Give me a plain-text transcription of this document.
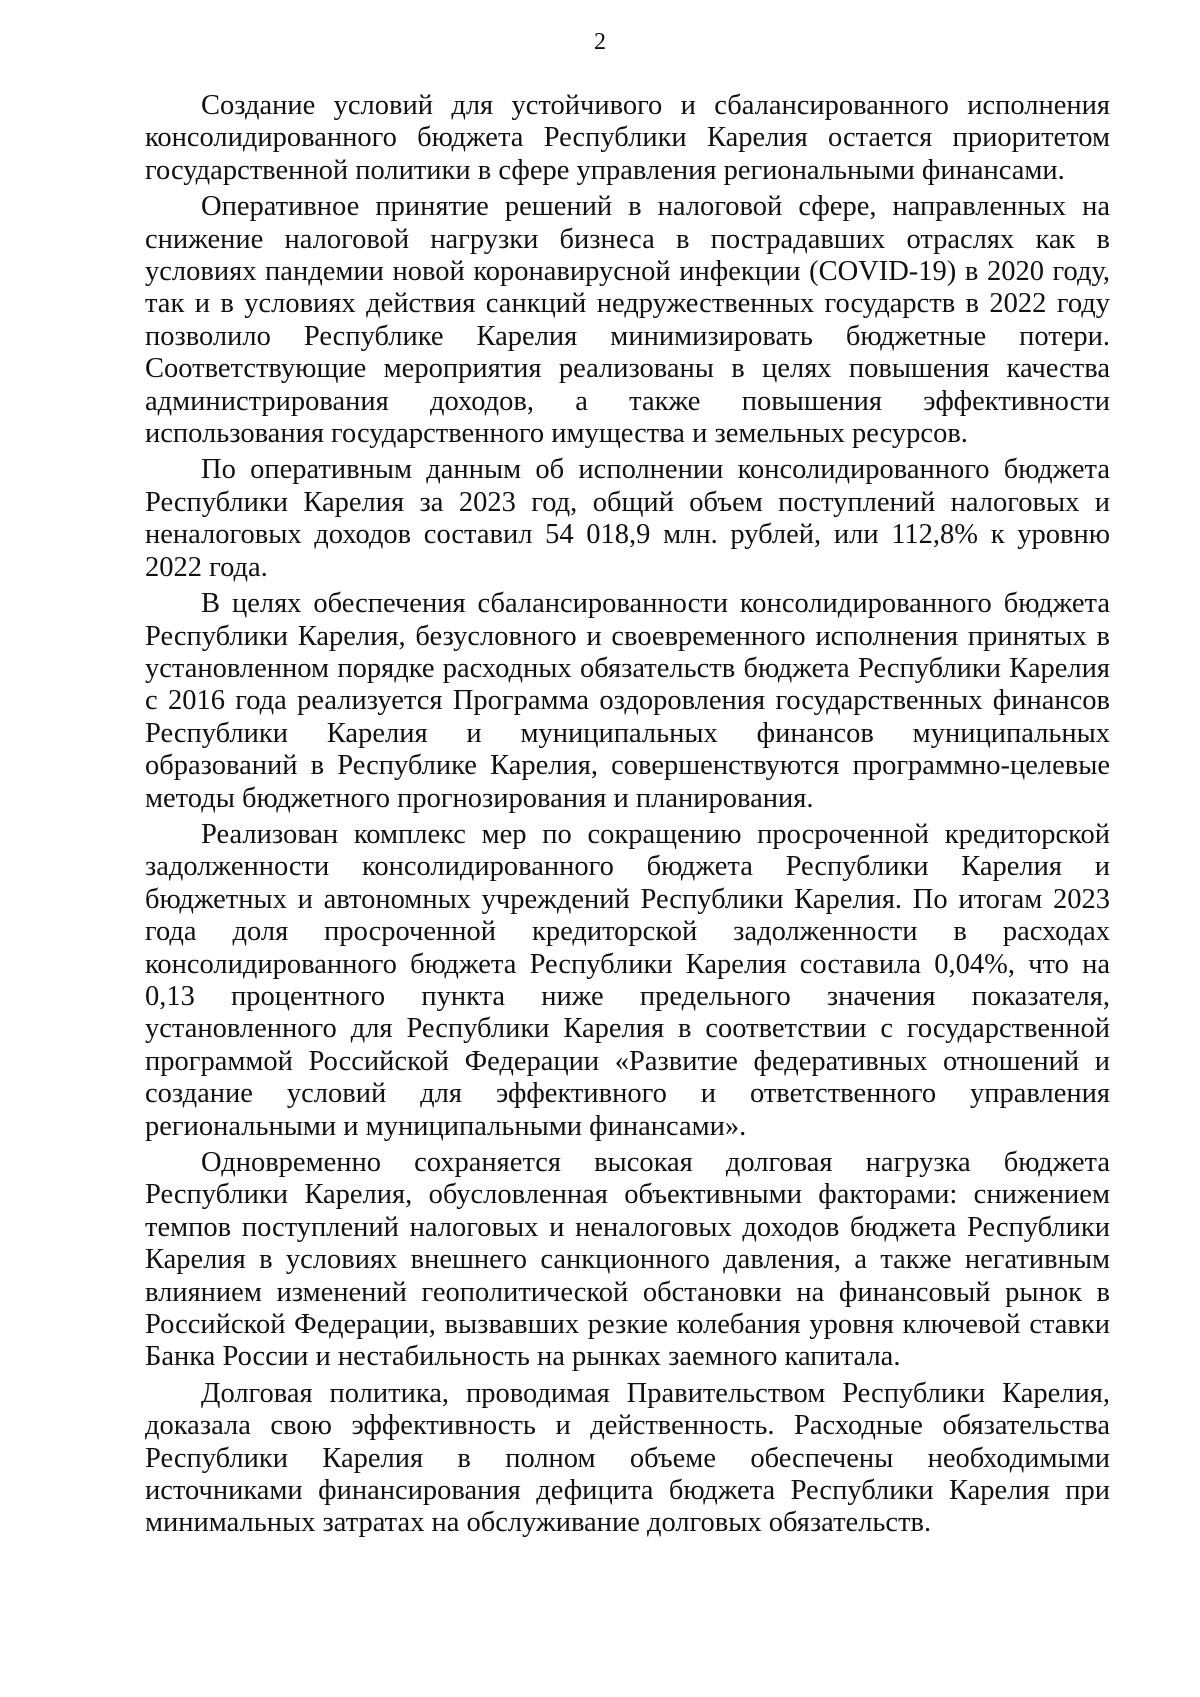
2

Создание условий для устойчивого и сбалансированного исполнения консолидированного бюджета Республики Карелия остается приоритетом государственной политики в сфере управления региональными финансами.

Оперативное принятие решений в налоговой сфере, направленных на снижение налоговой нагрузки бизнеса в пострадавших отраслях как в условиях пандемии новой коронавирусной инфекции (COVID-19) в 2020 году, так и в условиях действия санкций недружественных государств в 2022 году позволило Республике Карелия минимизировать бюджетные потери. Соответствующие мероприятия реализованы в целях повышения качества администрирования доходов, а также повышения эффективности использования государственного имущества и земельных ресурсов.

По оперативным данным об исполнении консолидированного бюджета Республики Карелия за 2023 год, общий объем поступлений налоговых и неналоговых доходов составил 54 018,9 млн. рублей, или 112,8% к уровню 2022 года.

В целях обеспечения сбалансированности консолидированного бюджета Республики Карелия, безусловного и своевременного исполнения принятых в установленном порядке расходных обязательств бюджета Республики Карелия с 2016 года реализуется Программа оздоровления государственных финансов Республики Карелия и муниципальных финансов муниципальных образований в Республике Карелия, совершенствуются программно-целевые методы бюджетного прогнозирования и планирования.

Реализован комплекс мер по сокращению просроченной кредиторской задолженности консолидированного бюджета Республики Карелия и бюджетных и автономных учреждений Республики Карелия. По итогам 2023 года доля просроченной кредиторской задолженности в расходах консолидированного бюджета Республики Карелия составила 0,04%, что на 0,13 процентного пункта ниже предельного значения показателя, установленного для Республики Карелия в соответствии с государственной программой Российской Федерации «Развитие федеративных отношений и создание условий для эффективного и ответственного управления региональными и муниципальными финансами».

Одновременно сохраняется высокая долговая нагрузка бюджета Республики Карелия, обусловленная объективными факторами: снижением темпов поступлений налоговых и неналоговых доходов бюджета Республики Карелия в условиях внешнего санкционного давления, а также негативным влиянием изменений геополитической обстановки на финансовый рынок в Российской Федерации, вызвавших резкие колебания уровня ключевой ставки Банка России и нестабильность на рынках заемного капитала.

Долговая политика, проводимая Правительством Республики Карелия, доказала свою эффективность и действенность. Расходные обязательства Республики Карелия в полном объеме обеспечены необходимыми источниками финансирования дефицита бюджета Республики Карелия при минимальных затратах на обслуживание долговых обязательств.
